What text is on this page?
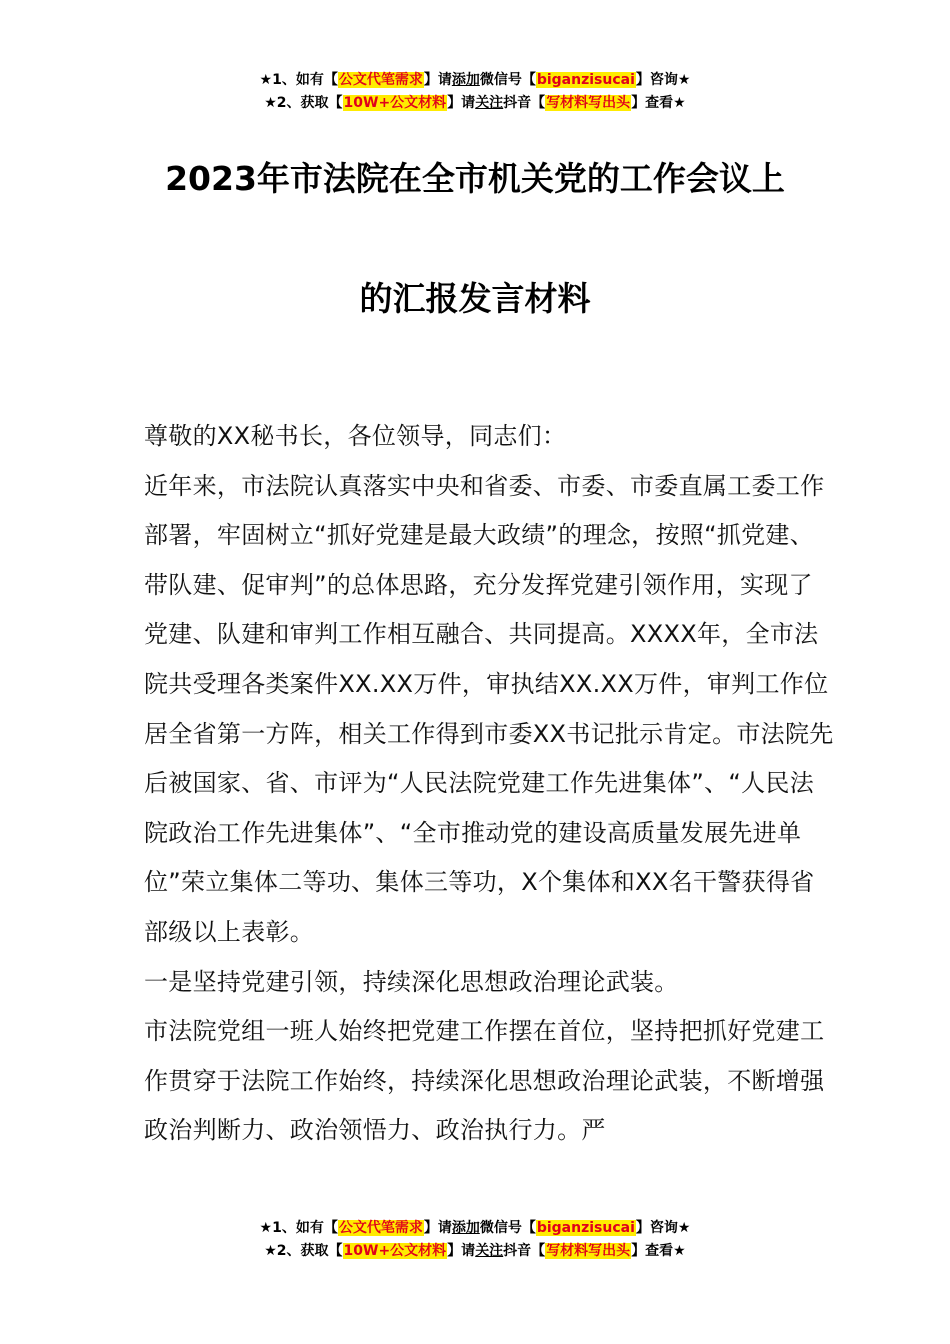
★1、如有【公文代笔需求】请添加微信号【biganzisucai】咨询★
★2、获取【10W+公文材料】请关注抖音【写材料写出头】查看★
2023年市法院在全市机关党的工作会议上
的汇报发言材料

尊敬的XX秘书长，各位领导，同志们：

近年来，市法院认真落实中央和省委、市委、市委直属工委工作部署，牢固树立“抓好党建是最大政绩”的理念，按照“抓党建、带队建、促审判”的总体思路，充分发挥党建引领作用，实现了党建、队建和审判工作相互融合、共同提高。XXXX年，全市法院共受理各类案件XX.XX万件，审执结XX.XX万件，审判工作位居全省第一方阵，相关工作得到市委XX书记批示肯定。市法院先后被国家、省、市评为“人民法院党建工作先进集体”、“人民法院政治工作先进集体”、“全市推动党的建设高质量发展先进单位”荣立集体二等功、集体三等功，X个集体和XX名干警获得省部级以上表彰。

一是坚持党建引领，持续深化思想政治理论武装。

市法院党组一班人始终把党建工作摆在首位，坚持把抓好党建工作贯穿于法院工作始终，持续深化思想政治理论武装，不断增强政治判断力、政治领悟力、政治执行力。严

★1、如有【公文代笔需求】请添加微信号【biganzisucai】咨询★
★2、获取【10W+公文材料】请关注抖音【写材料写出头】查看★
